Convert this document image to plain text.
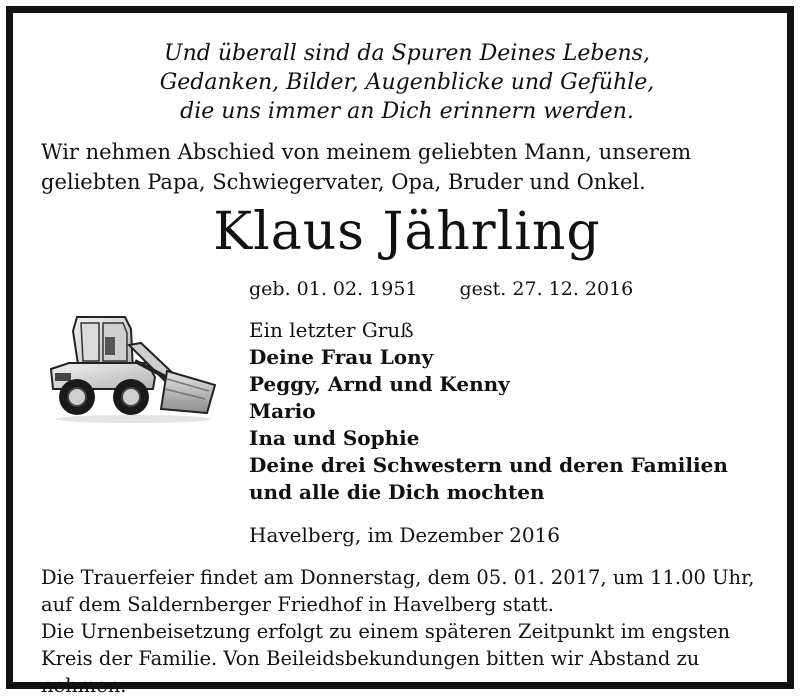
Und überall sind da Spuren Deines Lebens,
Gedanken, Bilder, Augenblicke und Gefühle,
die uns immer an Dich erinnern werden.
Wir nehmen Abschied von meinem geliebten Mann, unserem geliebten Papa, Schwiegervater, Opa, Bruder und Onkel.
Klaus Jährling
geb. 01. 02. 1951 gest. 27. 12. 2016
Ein letzter Gruß
Deine Frau Lony
Peggy, Arnd und Kenny
Mario
Ina und Sophie
Deine drei Schwestern und deren Familien
und alle die Dich mochten
Havelberg, im Dezember 2016

Die Trauerfeier findet am Donnerstag, dem 05. 01. 2017, um 11.00 Uhr, auf dem Saldernberger Friedhof in Havelberg statt.

Die Urnenbeisetzung erfolgt zu einem späteren Zeitpunkt im engsten Kreis der Familie. Von Beileidsbekundungen bitten wir Abstand zu nehmen.
